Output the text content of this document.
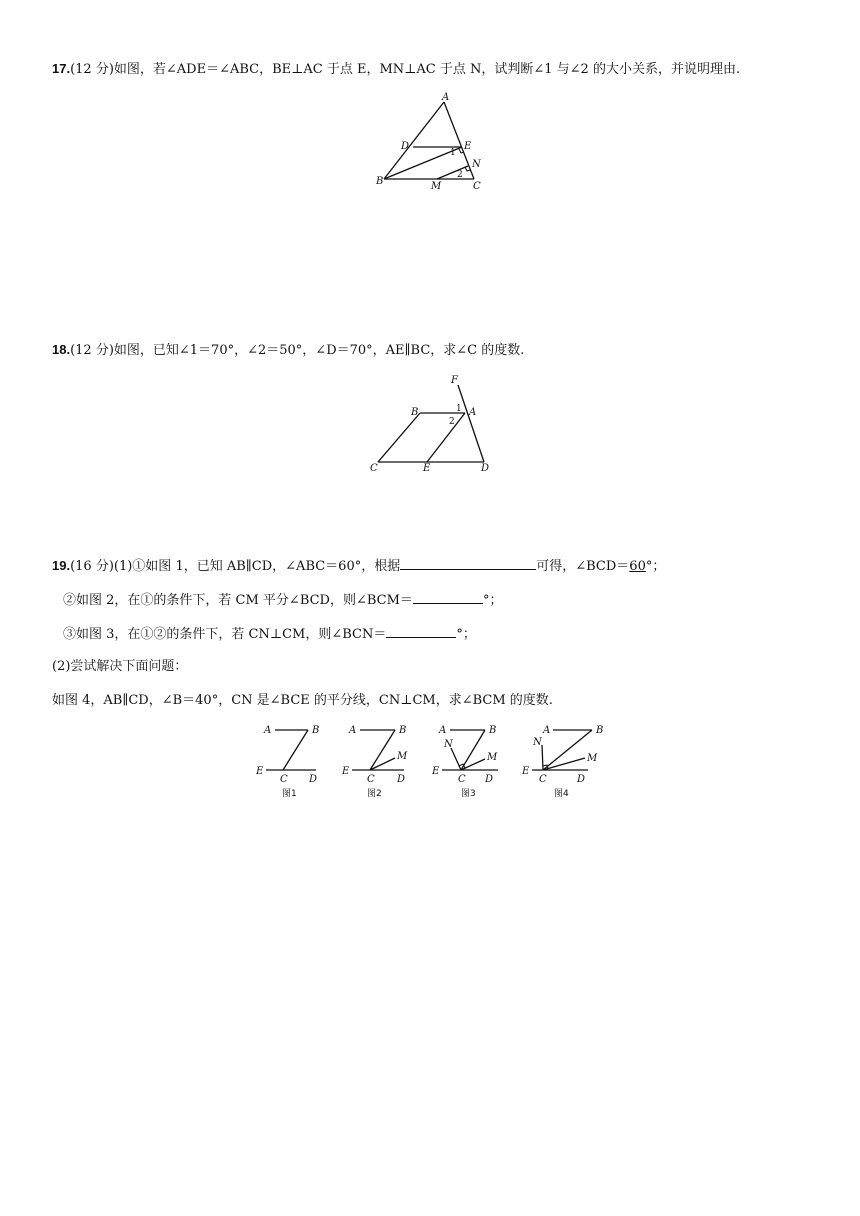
17.(12 分)如图，若∠ADE＝∠ABC，BE⊥AC 于点 E，MN⊥AC 于点 N，试判断∠1 与∠2 的大小关系，并说明理由.
A
D	E
N
B	M	C
1
2
18.(12 分)如图，已知∠1＝70°，∠2＝50°，∠D＝70°，AE∥BC，求∠C 的度数.
F
B	A
C	E	D
1
2
19.(16 分)(1)①如图 1，已知 AB∥CD，∠ABC＝60°，根据	可得，∠BCD＝60°；
②如图 2，在①的条件下，若 CM 平分∠BCD，则∠BCM＝	°；
③如图 3，在①②的条件下，若 CN⊥CM，则∠BCN＝	°；
(2)尝试解决下面问题：
如图 4，AB∥CD，∠B＝40°，CN 是∠BCE 的平分线，CN⊥CM，求∠BCM 的度数.
A	B
E
C D
图1
A	B
M
E
C D
图2
A	B
N
M
E
C D
图3
A	B
N
M
E
C	D
图4
